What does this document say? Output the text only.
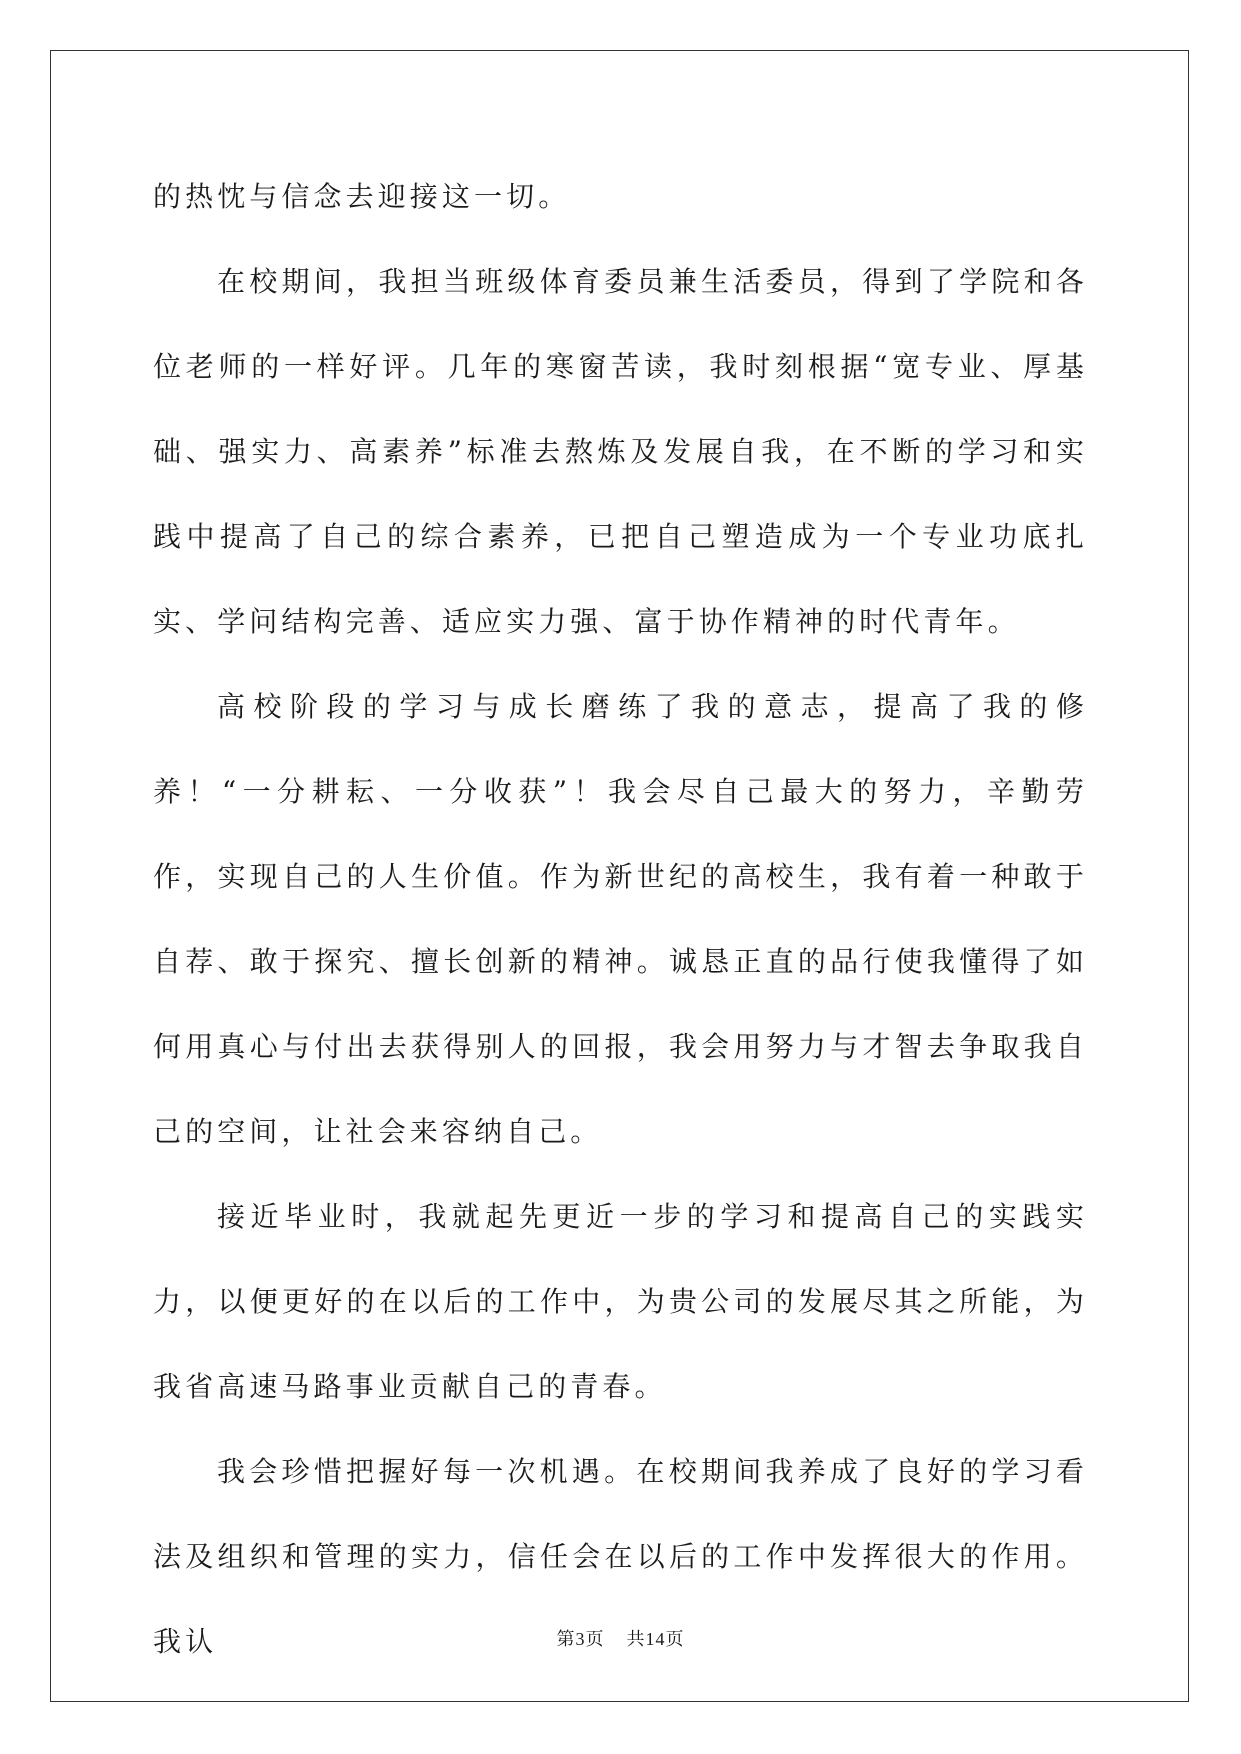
的热忱与信念去迎接这一切。

在校期间，我担当班级体育委员兼生活委员，得到了学院和各位老师的一样好评。几年的寒窗苦读，我时刻根据“宽专业、厚基础、强实力、高素养”标准去熬炼及发展自我，在不断的学习和实践中提高了自己的综合素养，已把自己塑造成为一个专业功底扎实、学问结构完善、适应实力强、富于协作精神的时代青年。

高校阶段的学习与成长磨练了我的意志，提高了我的修养！“一分耕耘、一分收获”！我会尽自己最大的努力，辛勤劳作，实现自己的人生价值。作为新世纪的高校生，我有着一种敢于自荐、敢于探究、擅长创新的精神。诚恳正直的品行使我懂得了如何用真心与付出去获得别人的回报，我会用努力与才智去争取我自己的空间，让社会来容纳自己。

接近毕业时，我就起先更近一步的学习和提高自己的实践实力，以便更好的在以后的工作中，为贵公司的发展尽其之所能，为我省高速马路事业贡献自己的青春。

我会珍惜把握好每一次机遇。在校期间我养成了良好的学习看法及组织和管理的实力，信任会在以后的工作中发挥很大的作用。我认	第3页 共14页
